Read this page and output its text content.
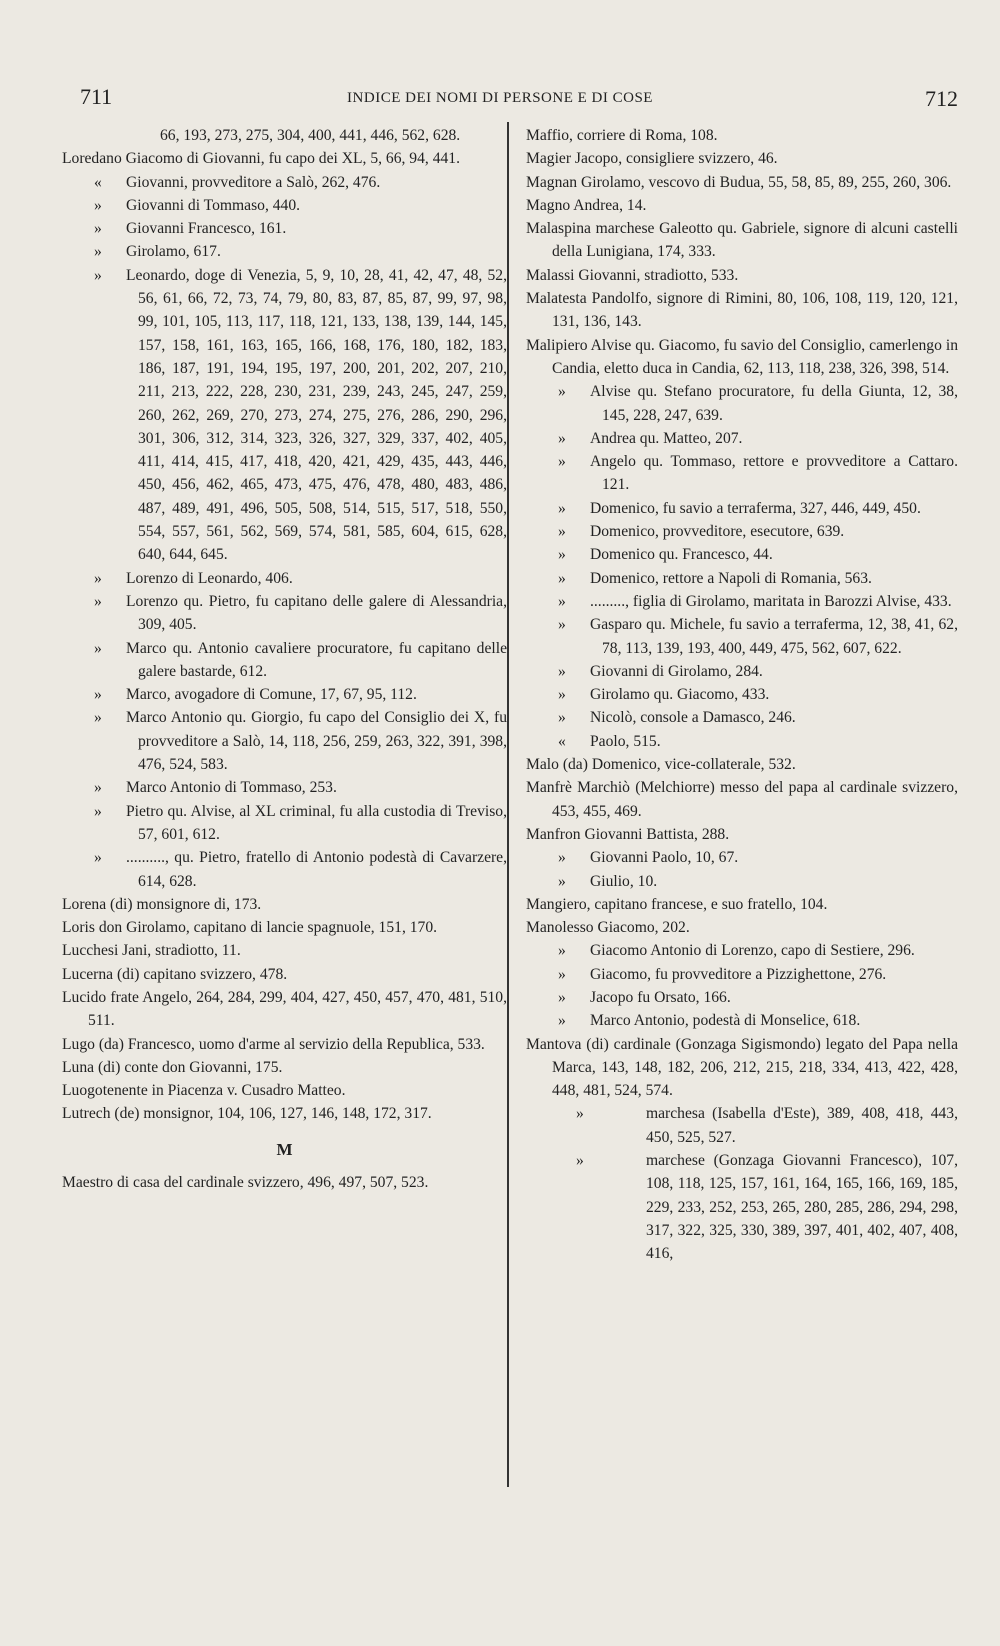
711	INDICE DEI NOMI DI PERSONE E DI COSE	712
66, 193, 273, 275, 304, 400, 441, 446, 562, 628.
Loredano Giacomo di Giovanni, fu capo dei XL, 5, 66, 94, 441.
« Giovanni, provveditore a Salò, 262, 476.
» Giovanni di Tommaso, 440.
» Giovanni Francesco, 161.
» Girolamo, 617.
» Leonardo, doge di Venezia, 5, 9, 10, 28, 41, 42, 47, 48, 52, 56, 61, 66, 72, 73, 74, 79, 80, 83, 87, 85, 87, 99, 97, 98, 99, 101, 105, 113, 117, 118, 121, 133, 138, 139, 144, 145, 157, 158, 161, 163, 165, 166, 168, 176, 180, 182, 183, 186, 187, 191, 194, 195, 197, 200, 201, 202, 207, 210, 211, 213, 222, 228, 230, 231, 239, 243, 245, 247, 259, 260, 262, 269, 270, 273, 274, 275, 276, 286, 290, 296, 301, 306, 312, 314, 323, 326, 327, 329, 337, 402, 405, 411, 414, 415, 417, 418, 420, 421, 429, 435, 443, 446, 450, 456, 462, 465, 473, 475, 476, 478, 480, 483, 486, 487, 489, 491, 496, 505, 508, 514, 515, 517, 518, 550, 554, 557, 561, 562, 569, 574, 581, 585, 604, 615, 628, 640, 644, 645.
» Lorenzo di Leonardo, 406.
» Lorenzo qu. Pietro, fu capitano delle galere di Alessandria, 309, 405.
» Marco qu. Antonio cavaliere procuratore, fu capitano delle galere bastarde, 612.
» Marco, avogadore di Comune, 17, 67, 95, 112.
» Marco Antonio qu. Giorgio, fu capo del Consiglio dei X, fu provveditore a Salò, 14, 118, 256, 259, 263, 322, 391, 398, 476, 524, 583.
» Marco Antonio di Tommaso, 253.
» Pietro qu. Alvise, al XL criminal, fu alla custodia di Treviso, 57, 601, 612.
» .........., qu. Pietro, fratello di Antonio podestà di Cavarzere, 614, 628.
Lorena (di) monsignore di, 173.
Loris don Girolamo, capitano di lancie spagnuole, 151, 170.
Lucchesi Jani, stradiotto, 11.
Lucerna (di) capitano svizzero, 478.
Lucido frate Angelo, 264, 284, 299, 404, 427, 450, 457, 470, 481, 510, 511.
Lugo (da) Francesco, uomo d'arme al servizio della Republica, 533.
Luna (di) conte don Giovanni, 175.
Luogotenente in Piacenza v. Cusadro Matteo.
Lutrech (de) monsignor, 104, 106, 127, 146, 148, 172, 317.
M
Maestro di casa del cardinale svizzero, 496, 497, 507, 523.
Maffio, corriere di Roma, 108.
Magier Jacopo, consigliere svizzero, 46.
Magnan Girolamo, vescovo di Budua, 55, 58, 85, 89, 255, 260, 306.
Magno Andrea, 14.
Malaspina marchese Galeotto qu. Gabriele, signore di alcuni castelli della Lunigiana, 174, 333.
Malassi Giovanni, stradiotto, 533.
Malatesta Pandolfo, signore di Rimini, 80, 106, 108, 119, 120, 121, 131, 136, 143.
Malipiero Alvise qu. Giacomo, fu savio del Consiglio, camerlengo in Candia, eletto duca in Candia, 62, 113, 118, 238, 326, 398, 514.
» Alvise qu. Stefano procuratore, fu della Giunta, 12, 38, 145, 228, 247, 639.
» Andrea qu. Matteo, 207.
» Angelo qu. Tommaso, rettore e provveditore a Cattaro. 121.
» Domenico, fu savio a terraferma, 327, 446, 449, 450.
» Domenico, provveditore, esecutore, 639.
» Domenico qu. Francesco, 44.
» Domenico, rettore a Napoli di Romania, 563.
» ........., figlia di Girolamo, maritata in Barozzi Alvise, 433.
» Gasparo qu. Michele, fu savio a terraferma, 12, 38, 41, 62, 78, 113, 139, 193, 400, 449, 475, 562, 607, 622.
» Giovanni di Girolamo, 284.
» Girolamo qu. Giacomo, 433.
» Nicolò, console a Damasco, 246.
« Paolo, 515.
Malo (da) Domenico, vice-collaterale, 532.
Manfrè Marchiò (Melchiorre) messo del papa al cardinale svizzero, 453, 455, 469.
Manfron Giovanni Battista, 288.
» Giovanni Paolo, 10, 67.
» Giulio, 10.
Mangiero, capitano francese, e suo fratello, 104.
Manolesso Giacomo, 202.
» Giacomo Antonio di Lorenzo, capo di Sestiere, 296.
» Giacomo, fu provveditore a Pizzighettone, 276.
» Jacopo fu Orsato, 166.
» Marco Antonio, podestà di Monselice, 618.
Mantova (di) cardinale (Gonzaga Sigismondo) legato del Papa nella Marca, 143, 148, 182, 206, 212, 215, 218, 334, 413, 422, 428, 448, 481, 524, 574.
»	marchesa (Isabella d'Este), 389, 408, 418, 443, 450, 525, 527.
»	marchese (Gonzaga Giovanni Francesco), 107, 108, 118, 125, 157, 161, 164, 165, 166, 169, 185, 229, 233, 252, 253, 265, 280, 285, 286, 294, 298, 317, 322, 325, 330, 389, 397, 401, 402, 407, 408, 416,
